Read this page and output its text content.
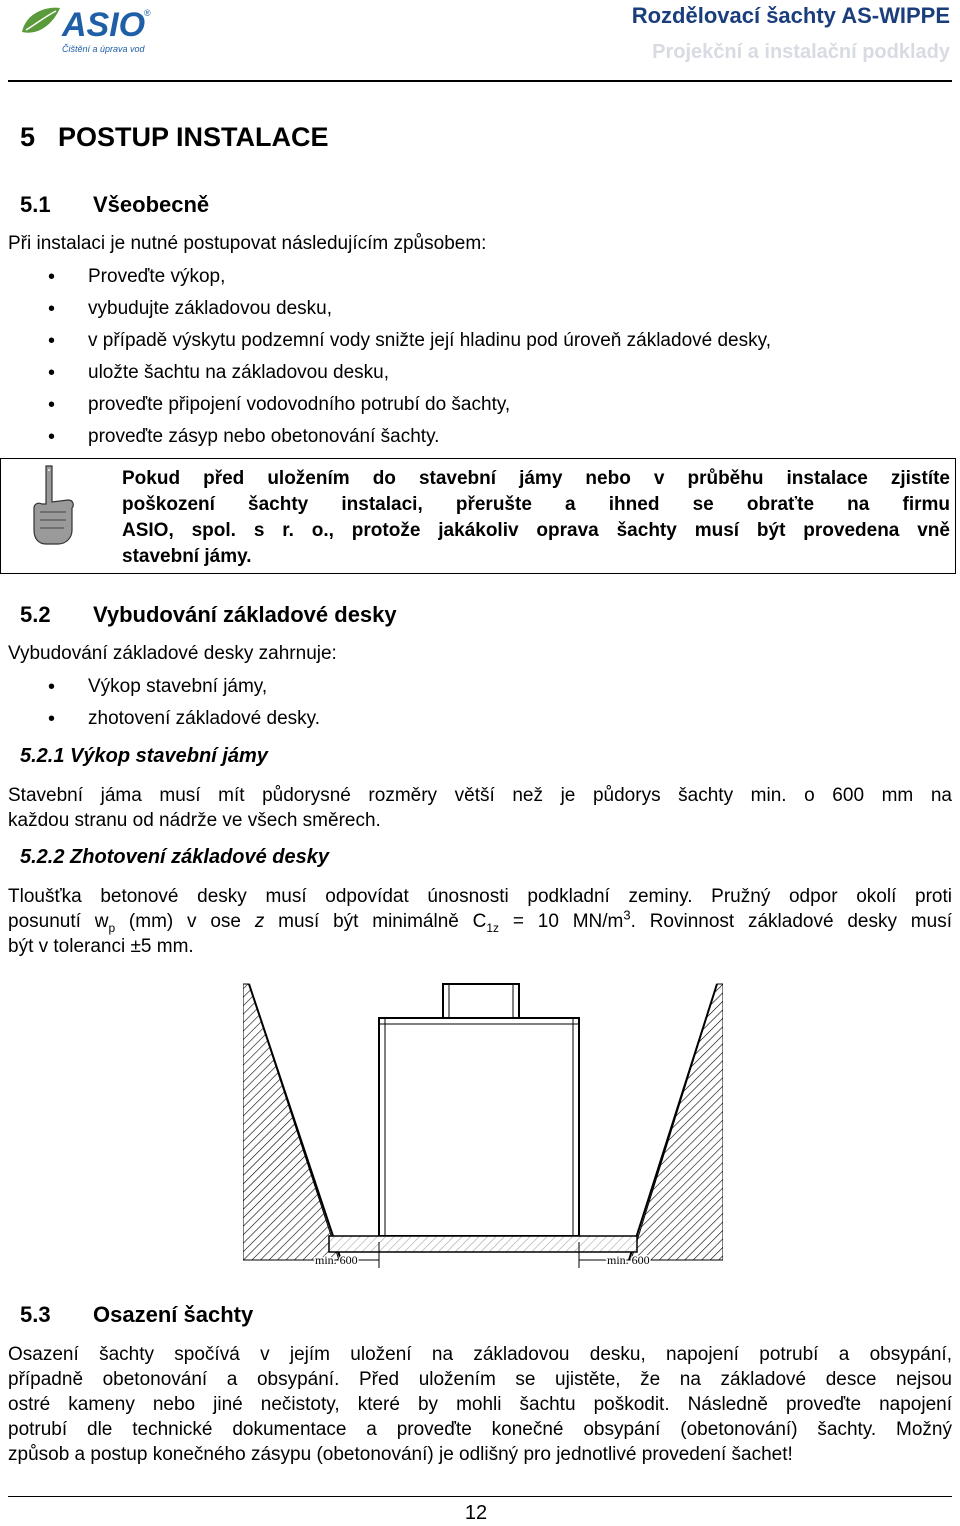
ASIO
®
Čištění a úprava vod
Rozdělovací šachty AS-WIPPE
Projekční a instalační podklady
5 POSTUP INSTALACE
5.1 Všeobecně
Při instalaci je nutné postupovat následujícím způsobem:
• Proveďte výkop,
• vybudujte základovou desku,
• v případě výskytu podzemní vody snižte její hladinu pod úroveň základové desky,
• uložte šachtu na základovou desku,
• proveďte připojení vodovodního potrubí do šachty,
• proveďte zásyp nebo obetonování šachty.
Pokud před uložením do stavební jámy nebo v průběhu instalace zjistíte
poškození šachty instalaci, přerušte a ihned se obraťte na firmu
ASIO, spol. s r. o., protože jakákoliv oprava šachty musí být provedena vně
stavební jámy.
5.2 Vybudování základové desky
Vybudování základové desky zahrnuje:
• Výkop stavební jámy,
• zhotovení základové desky.
5.2.1 Výkop stavební jámy
Stavební jáma musí mít půdorysné rozměry větší než je půdorys šachty min. o 600 mm na
každou stranu od nádrže ve všech směrech.
5.2.2 Zhotovení základové desky
Tloušťka betonové desky musí odpovídat únosnosti podkladní zeminy. Pružný odpor okolí proti
posunutí $w_p$ (mm) v ose z musí být minimálně $C_{1z} = 10$ $MN/m^3$. Rovinnost základové desky musí
být v toleranci ±5 mm.
min. 600	min. 600
5.3 Osazení šachty
Osazení šachty spočívá v jejím uložení na základovou desku, napojení potrubí a obsypání,
případně obetonování a obsypání. Před uložením se ujistěte, že na základové desce nejsou
ostré kameny nebo jiné nečistoty, které by mohli šachtu poškodit. Následně proveďte napojení
potrubí dle technické dokumentace a proveďte konečné obsypání (obetonování) šachty. Možný
způsob a postup konečného zásypu (obetonování) je odlišný pro jednotlivé provedení šachet!
12
